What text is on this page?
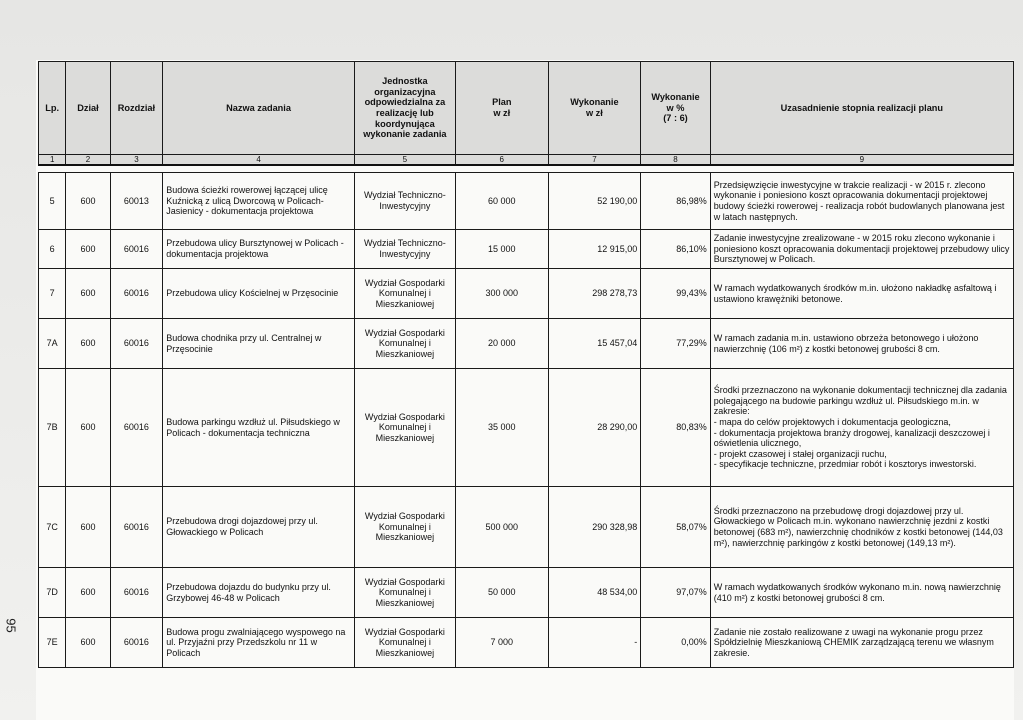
Lp.	Dział	Rozdział	Nazwa zadania	Jednostka organizacyjna odpowiedzialna za realizację lub koordynująca wykonanie zadania	Plan
w zł	Wykonanie
w zł	Wykonanie
w %
(7 : 6)	Uzasadnienie stopnia realizacji planu
1	2	3	4	5	6	7	8	9

5	600	60013	Budowa ścieżki rowerowej łączącej ulicę Kuźnicką z ulicą Dworcową w Policach-Jasienicy - dokumentacja projektowa	Wydział Techniczno-Inwestycyjny	60 000	52 190,00	86,98%	Przedsięwzięcie inwestycyjne w trakcie realizacji - w 2015 r. zlecono wykonanie i poniesiono koszt opracowania dokumentacji projektowej budowy ścieżki rowerowej - realizacja robót budowlanych planowana jest w latach następnych.
6	600	60016	Przebudowa ulicy Bursztynowej w Policach - dokumentacja projektowa	Wydział Techniczno-Inwestycyjny	15 000	12 915,00	86,10%	Zadanie inwestycyjne zrealizowane - w 2015 roku zlecono wykonanie i poniesiono koszt opracowania dokumentacji projektowej przebudowy ulicy Bursztynowej w Policach.
7	600	60016	Przebudowa ulicy Kościelnej w Przęsocinie	Wydział Gospodarki Komunalnej i Mieszkaniowej	300 000	298 278,73	99,43%	W ramach wydatkowanych środków m.in. ułożono nakładkę asfaltową i ustawiono krawężniki betonowe.
7A	600	60016	Budowa chodnika przy ul. Centralnej w Przęsocinie	Wydział Gospodarki Komunalnej i Mieszkaniowej	20 000	15 457,04	77,29%	W ramach zadania m.in. ustawiono obrzeża betonowego i ułożono nawierzchnię (106 m²) z kostki betonowej grubości 8 cm.
7B	600	60016	Budowa parkingu wzdłuż ul. Piłsudskiego w Policach - dokumentacja techniczna	Wydział Gospodarki Komunalnej i Mieszkaniowej	35 000	28 290,00	80,83%	Środki przeznaczono na wykonanie dokumentacji technicznej dla zadania polegającego na budowie parkingu wzdłuż ul. Piłsudskiego m.in. w zakresie:
- mapa do celów projektowych i dokumentacja geologiczna,
- dokumentacja projektowa branży drogowej, kanalizacji deszczowej i oświetlenia ulicznego,
- projekt czasowej i stałej organizacji ruchu,
- specyfikacje techniczne, przedmiar robót i kosztorys inwestorski.
7C	600	60016	Przebudowa drogi dojazdowej przy ul. Głowackiego w Policach	Wydział Gospodarki Komunalnej i Mieszkaniowej	500 000	290 328,98	58,07%	Środki przeznaczono na przebudowę drogi dojazdowej przy ul. Głowackiego w Policach m.in. wykonano nawierzchnię jezdni z kostki betonowej (683 m²), nawierzchnię chodników z kostki betonowej (144,03 m²), nawierzchnię parkingów z kostki betonowej (149,13 m²).
7D	600	60016	Przebudowa dojazdu do budynku przy ul. Grzybowej 46-48 w Policach	Wydział Gospodarki Komunalnej i Mieszkaniowej	50 000	48 534,00	97,07%	W ramach wydatkowanych środków wykonano m.in. nową nawierzchnię (410 m²) z kostki betonowej grubości 8 cm.
7E	600	60016	Budowa progu zwalniającego wyspowego na ul. Przyjaźni przy Przedszkolu nr 11 w Policach	Wydział Gospodarki Komunalnej i Mieszkaniowej	7 000	-	0,00%	Zadanie nie zostało realizowane z uwagi na wykonanie progu przez Spółdzielnię Mieszkaniową CHEMIK zarządzającą terenu we własnym zakresie.
95
